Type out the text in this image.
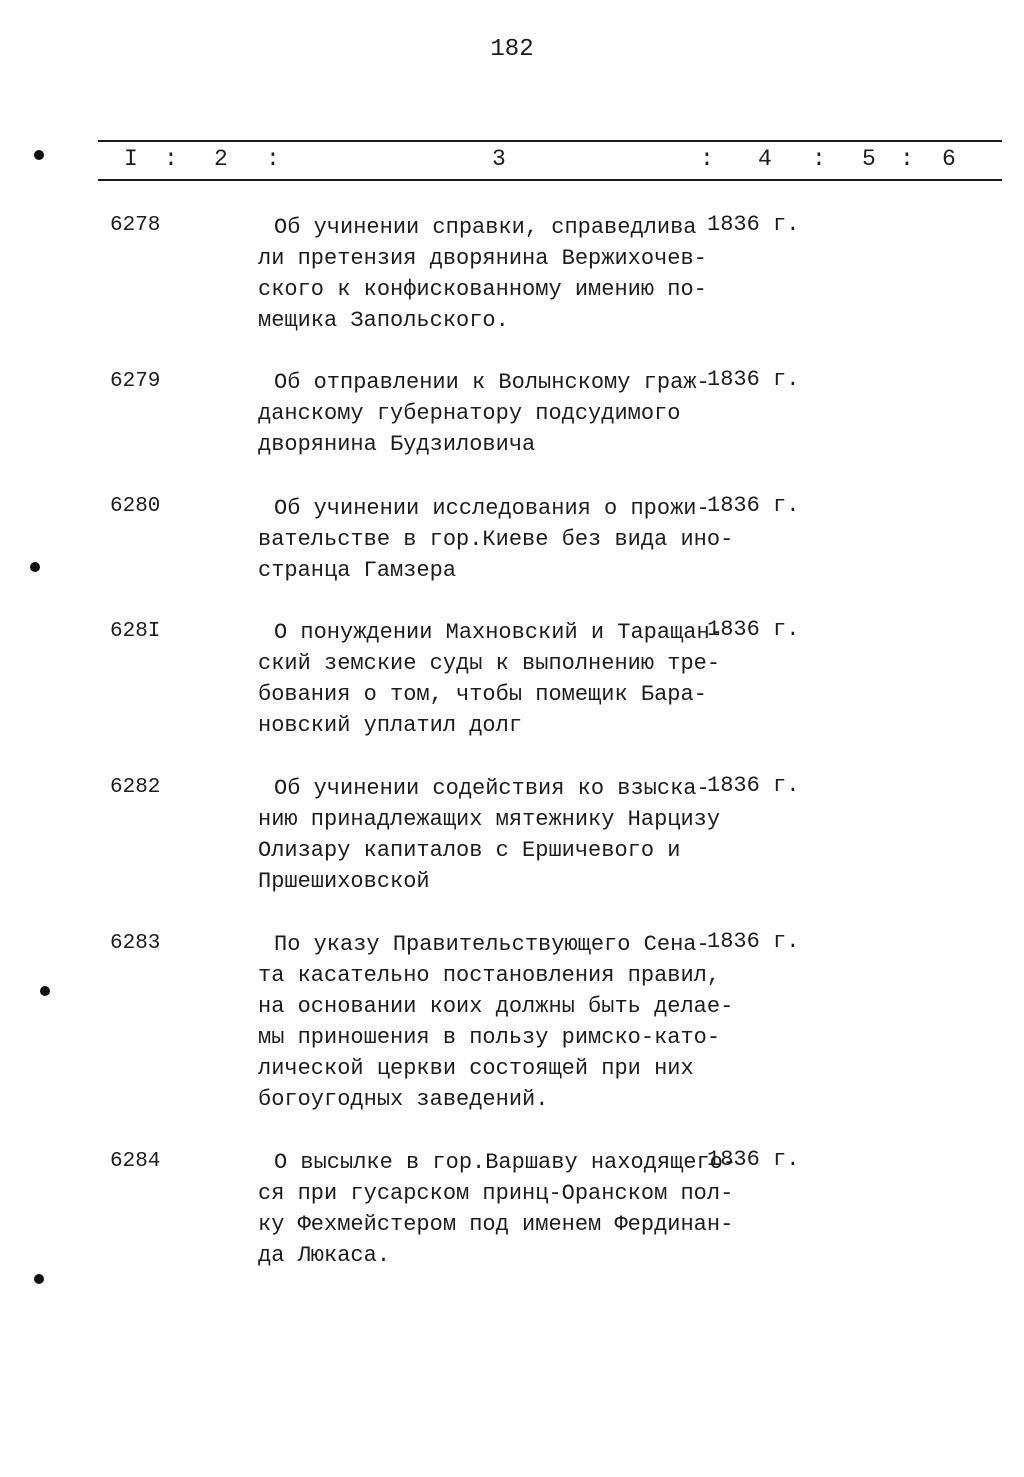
182
I : 2 :	3	: 4 : 5 : 6
6278	Об учинении справки, справедлива
ли претензия дворянина Вержихочев-
ского к конфискованному имению по-
мещика Запольского.
1836 г.
6279	Об отправлении к Волынскому граж-
данскому губернатору подсудимого
дворянина Будзиловича
1836 г.
6280	Об учинении исследования о прожи-
вательстве в гор.Киеве без вида ино-
странца Гамзера
1836 г.
628I	О понуждении Махновский и Таращан-
ский земские суды к выполнению тре-
бования о том, чтобы помещик Бара-
новский уплатил долг
1836 г.
6282	Об учинении содействия ко взыска-
нию принадлежащих мятежнику Нарцизу
Олизару капиталов с Ершичевого и
Пршешиховской
1836 г.
6283	По указу Правительствующего Сена-
та касательно постановления правил,
на основании коих должны быть делае-
мы приношения в пользу римско-като-
лической церкви состоящей при них
богоугодных заведений.
1836 г.
6284	О высылке в гор.Варшаву находящего-
ся при гусарском принц-Оранском пол-
ку Фехмейстером под именем Фердинан-
да Люкаса.
1836 г.
